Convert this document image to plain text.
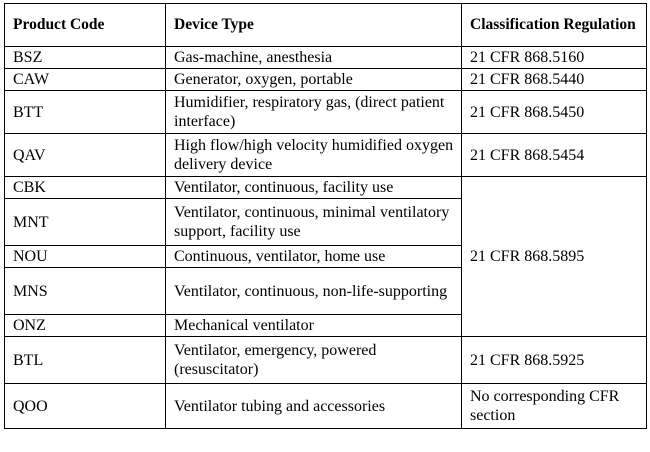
Product Code	Device Type	Classification Regulation
BSZ	Gas-machine, anesthesia	21 CFR 868.5160
CAW	Generator, oxygen, portable	21 CFR 868.5440
BTT	Humidifier, respiratory gas, (direct patient interface)	21 CFR 868.5450
QAV	High flow/high velocity humidified oxygen delivery device	21 CFR 868.5454
CBK	Ventilator, continuous, facility use	21 CFR 868.5895
MNT	Ventilator, continuous, minimal ventilatory support, facility use	
NOU	Continuous, ventilator, home use	
MNS	Ventilator, continuous, non-life-supporting	
ONZ	Mechanical ventilator	
BTL	Ventilator, emergency, powered (resuscitator)	21 CFR 868.5925
QOO	Ventilator tubing and accessories	No corresponding CFR section
